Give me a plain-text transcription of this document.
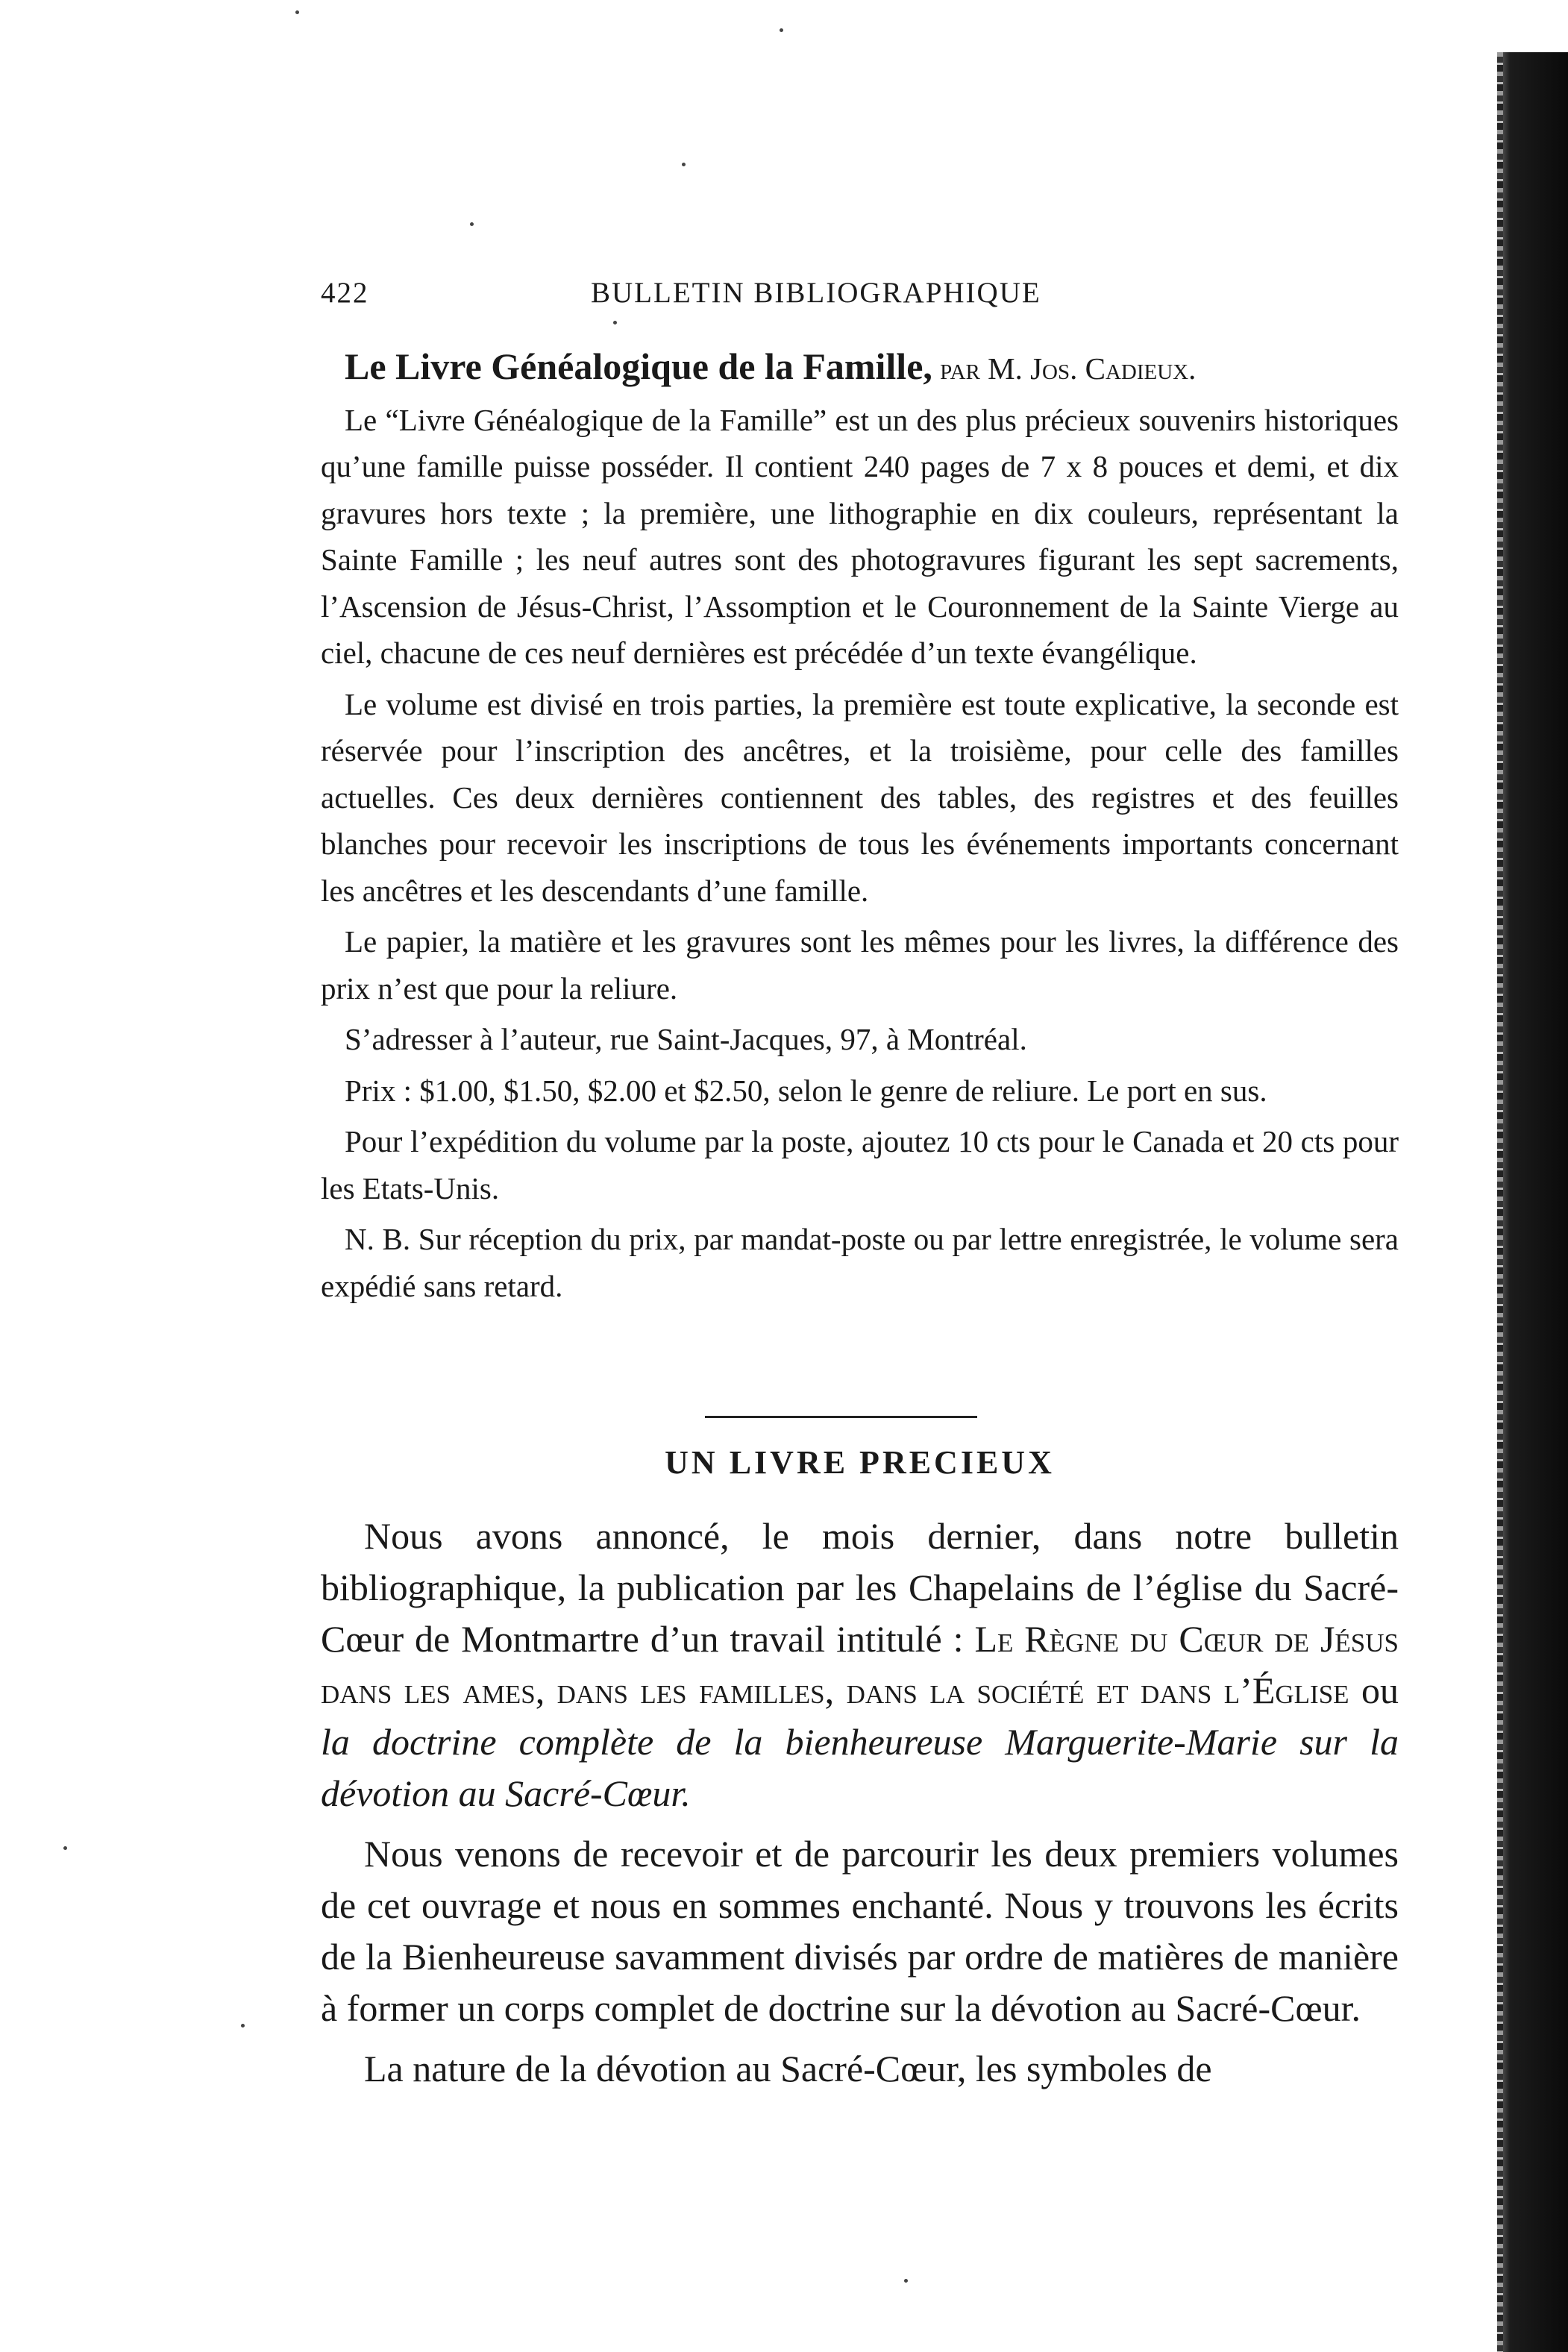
422	BULLETIN BIBLIOGRAPHIQUE

Le Livre Généalogique de la Famille, par M. Jos. Cadieux.

Le “Livre Généalogique de la Famille” est un des plus précieux souvenirs historiques qu’une famille puisse posséder. Il contient 240 pages de 7 x 8 pouces et demi, et dix gravures hors texte ; la première, une lithographie en dix couleurs, représentant la Sainte Famille ; les neuf autres sont des photogravures figurant les sept sacrements, l’Ascension de Jésus-Christ, l’Assomption et le Couronnement de la Sainte Vierge au ciel, chacune de ces neuf dernières est précédée d’un texte évangélique.

Le volume est divisé en trois parties, la première est toute explicative, la seconde est réservée pour l’inscription des ancêtres, et la troisième, pour celle des familles actuelles. Ces deux dernières contiennent des tables, des registres et des feuilles blanches pour recevoir les inscriptions de tous les événements importants concernant les ancêtres et les descendants d’une famille.

Le papier, la matière et les gravures sont les mêmes pour les livres, la différence des prix n’est que pour la reliure.

S’adresser à l’auteur, rue Saint-Jacques, 97, à Montréal.

Prix : $1.00, $1.50, $2.00 et $2.50, selon le genre de reliure. Le port en sus.

Pour l’expédition du volume par la poste, ajoutez 10 cts pour le Canada et 20 cts pour les Etats-Unis.

N. B. Sur réception du prix, par mandat-poste ou par lettre enregistrée, le volume sera expédié sans retard.

UN LIVRE PRECIEUX

Nous avons annoncé, le mois dernier, dans notre bulletin bibliographique, la publication par les Chapelains de l’église du Sacré-Cœur de Montmartre d’un travail intitulé : Le Règne du Cœur de Jésus dans les ames, dans les familles, dans la société et dans l’Église ou la doctrine complète de la bienheureuse Marguerite-Marie sur la dévotion au Sacré-Cœur.

Nous venons de recevoir et de parcourir les deux premiers volumes de cet ouvrage et nous en sommes enchanté. Nous y trouvons les écrits de la Bienheureuse savamment divisés par ordre de matières de manière à former un corps complet de doctrine sur la dévotion au Sacré-Cœur.

La nature de la dévotion au Sacré-Cœur, les symboles de
